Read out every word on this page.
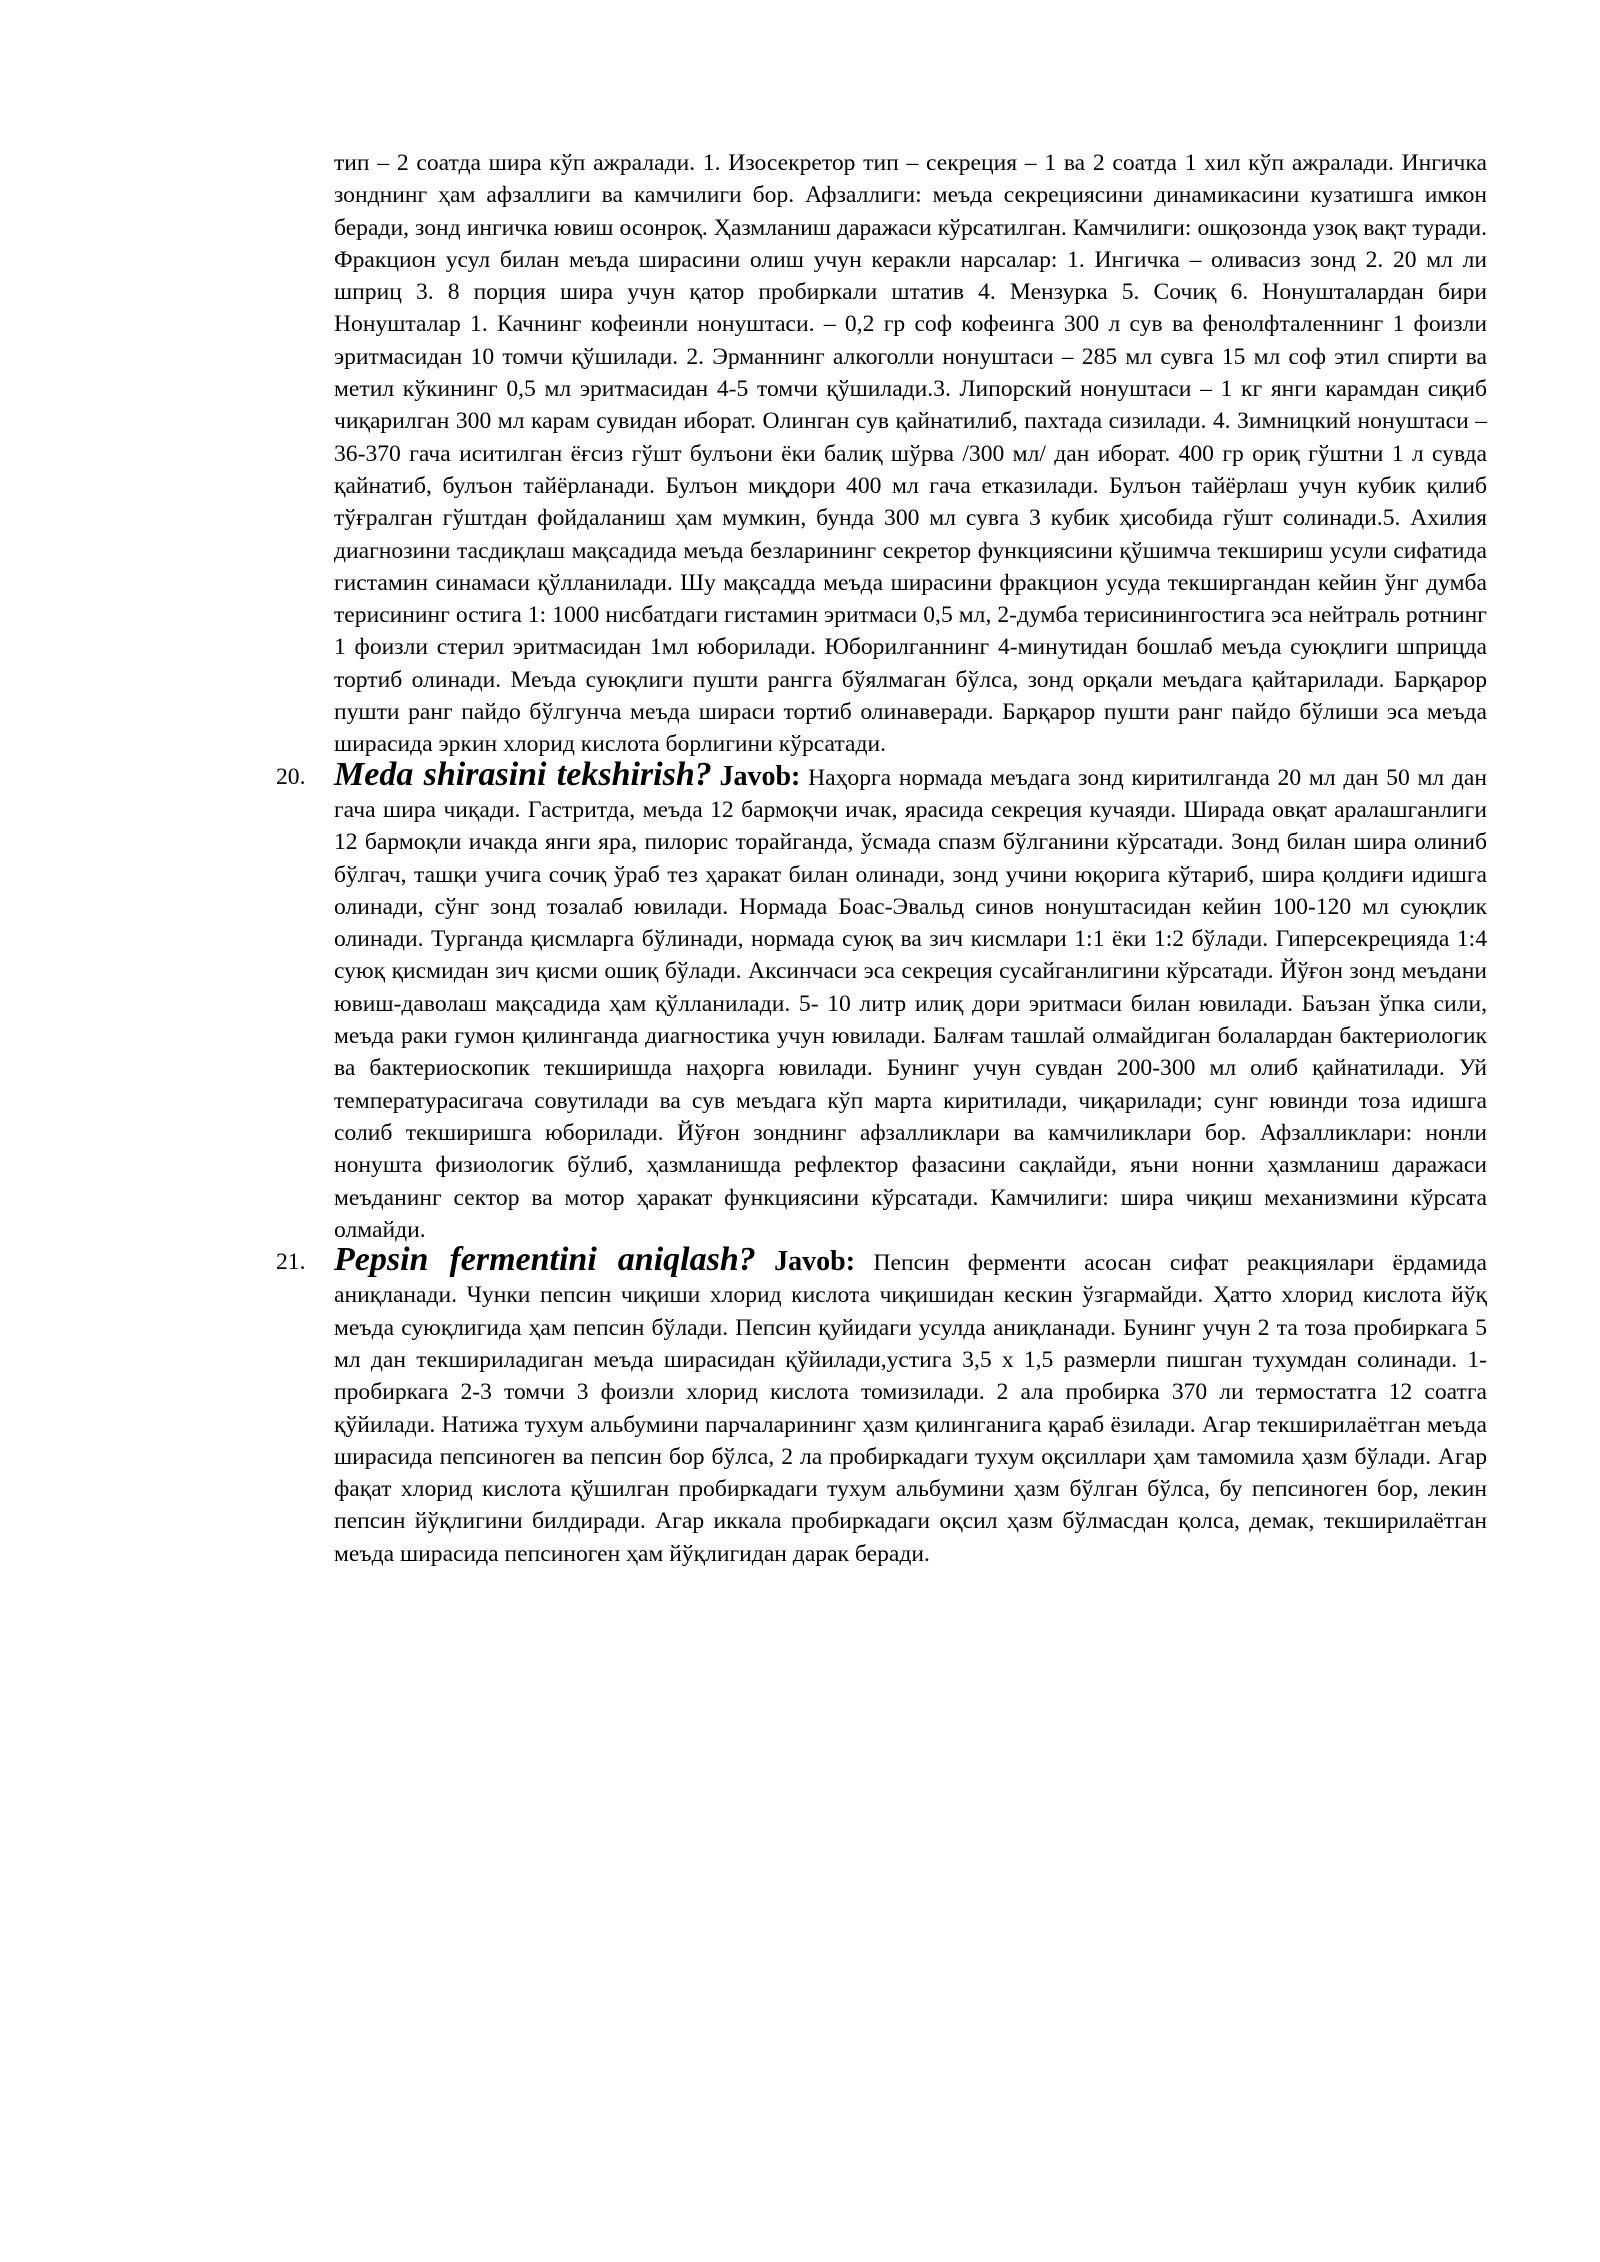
тип – 2 соатда шира кўп ажралади. 1. Изосекретор тип – секреция – 1 ва 2 соатда 1 хил кўп ажралади. Ингичка зонднинг ҳам афзаллиги ва камчилиги бор. Афзаллиги: меъда секрециясини динамикасини кузатишга имкон беради, зонд ингичка ювиш осонроқ. Ҳазмланиш даражаси кўрсатилган. Камчилиги: ошқозонда узоқ вақт туради. Фракцион усул билан меъда ширасини олиш учун керакли нарсалар: 1. Ингичка – оливасиз зонд 2. 20 мл ли шприц 3. 8 порция шира учун қатор пробиркали штатив 4. Мензурка 5. Сочиқ 6. Нонушталардан бири Нонушталар 1. Качнинг кофеинли нонуштаси. – 0,2 гр соф кофеинга 300 л сув ва фенолфталеннинг 1 фоизли эритмасидан 10 томчи қўшилади. 2. Эрманнинг алкоголли нонуштаси – 285 мл сувга 15 мл соф этил спирти ва метил кўкининг 0,5 мл эритмасидан 4-5 томчи қўшилади.3. Липорский нонуштаси – 1 кг янги карамдан сиқиб чиқарилган 300 мл карам сувидан иборат. Олинган сув қайнатилиб, пахтада сизилади. 4. Зимницкий нонуштаси – 36-370 гача иситилган ёғсиз гўшт булъони ёки балиқ шўрва /300 мл/ дан иборат. 400 гр ориқ гўштни 1 л сувда қайнатиб, булъон тайёрланади. Булъон миқдори 400 мл гача етказилади. Булъон тайёрлаш учун кубик қилиб тўғралган гўштдан фойдаланиш ҳам мумкин, бунда 300 мл сувга 3 кубик ҳисобида гўшт солинади.5. Ахилия диагнозини тасдиқлаш мақсадида меъда безларининг секретор функциясини қўшимча текшириш усули сифатида гистамин синамаси қўлланилади. Шу мақсадда меъда ширасини фракцион усуда текширгандан кейин ўнг думба терисининг остига 1: 1000 нисбатдаги гистамин эритмаси 0,5 мл, 2-думба терисинингостига эса нейтраль ротнинг 1 фоизли стерил эритмасидан 1мл юборилади. Юборилганнинг 4-минутидан бошлаб меъда суюқлиги шприцда тортиб олинади. Меъда суюқлиги пушти рангга бўялмаган бўлса, зонд орқали меъдага қайтарилади. Барқарор пушти ранг пайдо бўлгунча меъда шираси тортиб олинаверади. Барқарор пушти ранг пайдо бўлиши эса меъда ширасида эркин хлорид кислота борлигини кўрсатади.

20. Meda shirasini tekshirish? Javob: Наҳорга нормада меъдага зонд киритилганда 20 мл дан 50 мл дан гача шира чиқади. Гастритда, меъда 12 бармоқчи ичак, ярасида секреция кучаяди. Ширада овқат аралашганлиги 12 бармоқли ичакда янги яра, пилорис торайганда, ўсмада спазм бўлганини кўрсатади. Зонд билан шира олиниб бўлгач, ташқи учига сочиқ ўраб тез ҳаракат билан олинади, зонд учини юқорига кўтариб, шира қолдиғи идишга олинади, сўнг зонд тозалаб ювилади. Нормада Боас-Эвальд синов нонуштасидан кейин 100-120 мл суюқлик олинади. Турганда қисмларга бўлинади, нормада суюқ ва зич кисмлари 1:1 ёки 1:2 бўлади. Гиперсекрецияда 1:4 суюқ қисмидан зич қисми ошиқ бўлади. Аксинчаси эса секреция сусайганлигини кўрсатади. Йўғон зонд меъдани ювиш-даволаш мақсадида ҳам қўлланилади. 5- 10 литр илиқ дори эритмаси билан ювилади. Баъзан ўпка сили, меъда раки гумон қилинганда диагностика учун ювилади. Балғам ташлай олмайдиган болалардан бактериологик ва бактериоскопик текширишда наҳорга ювилади. Бунинг учун сувдан 200-300 мл олиб қайнатилади. Уй температурасигача совутилади ва сув меъдага кўп марта киритилади, чиқарилади; сунг ювинди тоза идишга солиб текширишга юборилади. Йўғон зонднинг афзалликлари ва камчиликлари бор. Афзалликлари: нонли нонушта физиологик бўлиб, ҳазмланишда рефлектор фазасини сақлайди, яъни нонни ҳазмланиш даражаси меъданинг сектор ва мотор ҳаракат функциясини кўрсатади. Камчилиги: шира чиқиш механизмини кўрсата олмайди.

21. Pepsin fermentini aniqlash? Javob: Пепсин ферменти асосан сифат реакциялари ёрдамида аниқланади. Чунки пепсин чиқиши хлорид кислота чиқишидан кескин ўзгармайди. Ҳатто хлорид кислота йўқ меъда суюқлигида ҳам пепсин бўлади. Пепсин қуйидаги усулда аниқланади. Бунинг учун 2 та тоза пробиркага 5 мл дан текшириладиган меъда ширасидан қўйилади,устига 3,5 х 1,5 размерли пишган тухумдан солинади. 1-пробиркага 2-3 томчи 3 фоизли хлорид кислота томизилади. 2 ала пробирка 370 ли термостатга 12 соатга қўйилади. Натижа тухум альбумини парчаларининг ҳазм қилинганига қараб ёзилади. Агар текширилаётган меъда ширасида пепсиноген ва пепсин бор бўлса, 2 ла пробиркадаги тухум оқсиллари ҳам тамомила ҳазм бўлади. Агар фақат хлорид кислота қўшилган пробиркадаги тухум альбумини ҳазм бўлган бўлса, бу пепсиноген бор, лекин пепсин йўқлигини билдиради. Агар иккала пробиркадаги оқсил ҳазм бўлмасдан қолса, демак, текширилаётган меъда ширасида пепсиноген ҳам йўқлигидан дарак беради.
